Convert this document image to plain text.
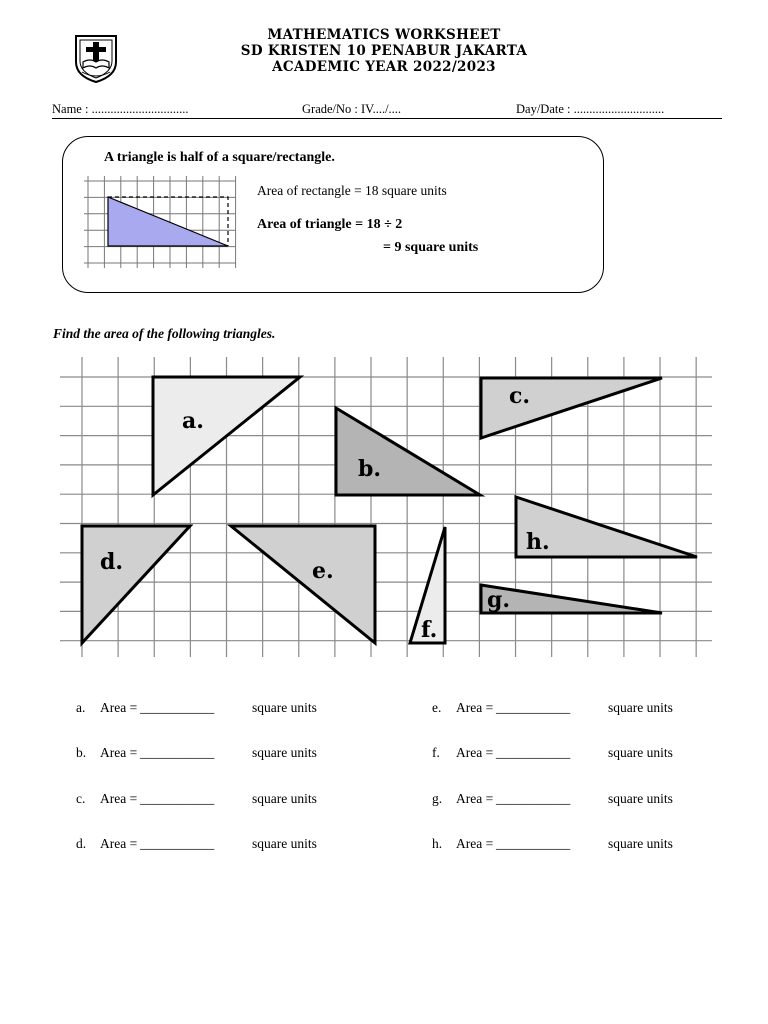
MATHEMATICS WORKSHEET
SD KRISTEN 10 PENABUR JAKARTA
ACADEMIC YEAR 2022/2023
Name : ...............................	Grade/No : IV..../....	Day/Date : .............................
A triangle is half of a square/rectangle.
Area of rectangle = 18 square units
Area of triangle = 18 ÷ 2
= 9 square units
Find the area of the following triangles.
a.
b.
c.
d.	e.
f.
g.
h.
a. Area = ___________	square units
b. Area = ___________	square units
c. Area = ___________	square units
d. Area = ___________	square units
e. Area = ___________	square units
f. Area = ___________	square units
g. Area = ___________	square units
h. Area = ___________	square units
